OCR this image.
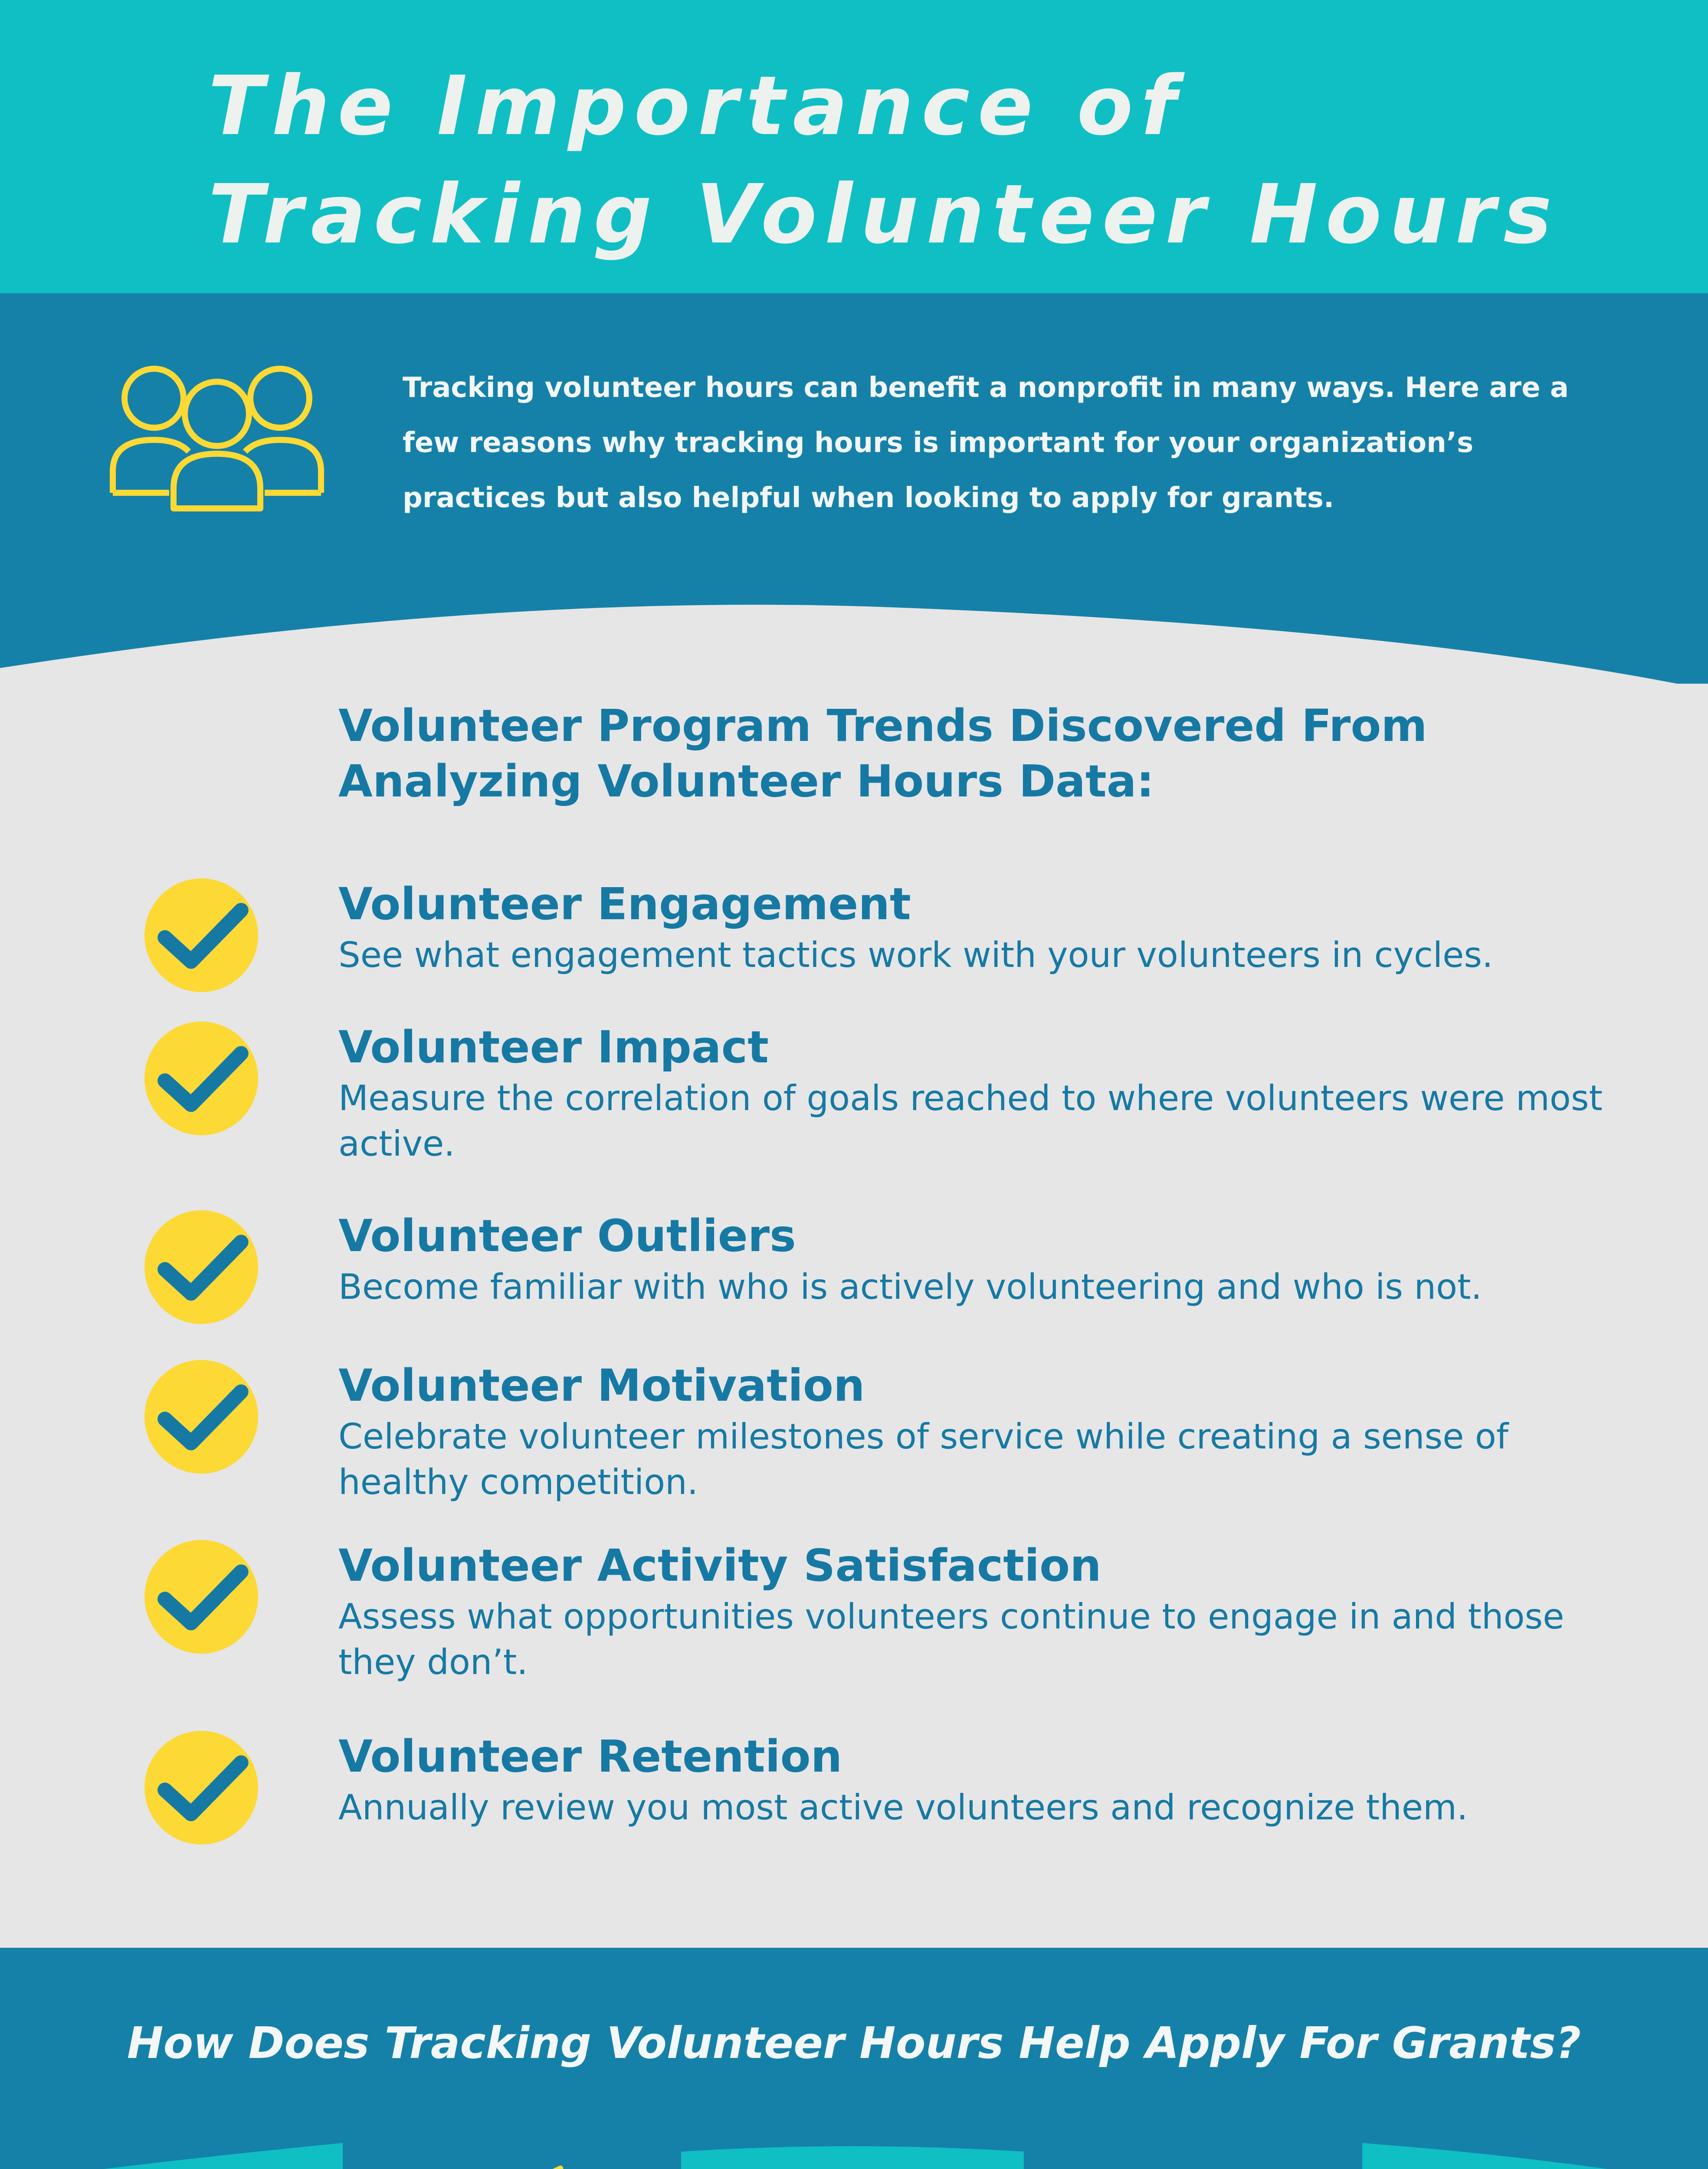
The Importance of
Tracking Volunteer Hours

Tracking volunteer hours can benefit a nonprofit in many ways. Here are a few reasons why tracking hours is important for your organization’s practices but also helpful when looking to apply for grants.

Volunteer Program Trends Discovered From Analyzing Volunteer Hours Data:
Volunteer Engagement

See what engagement tactics work with your volunteers in cycles.

Volunteer Impact

Measure the correlation of goals reached to where volunteers were most active.

Volunteer Outliers

Become familiar with who is actively volunteering and who is not.

Volunteer Motivation

Celebrate volunteer milestones of service while creating a sense of healthy competition.

Volunteer Activity Satisfaction

Assess what opportunities volunteers continue to engage in and those they don’t.

Volunteer Retention

Annually review you most active volunteers and recognize them.

How Does Tracking Volunteer Hours Help Apply For Grants?
